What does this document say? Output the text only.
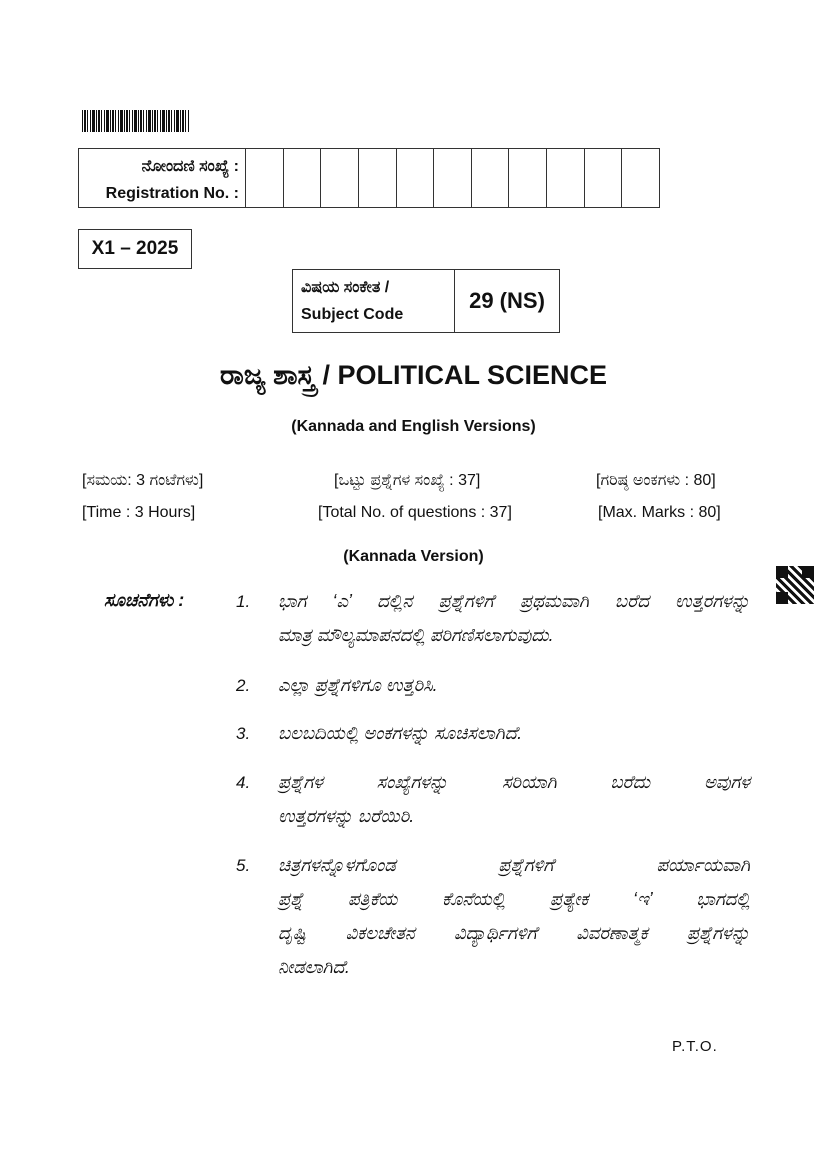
ನೋಂದಣಿ ಸಂಖ್ಯೆ :
Registration No. :
X1 – 2025
ವಿಷಯ ಸಂಕೇತ /
Subject Code
29 (NS)
ರಾಜ್ಯ ಶಾಸ್ತ್ರ / POLITICAL SCIENCE
(Kannada and English Versions)
[ಸಮಯ: 3 ಗಂಟೆಗಳು]	[ಒಟ್ಟು ಪ್ರಶ್ನೆಗಳ ಸಂಖ್ಯೆ : 37]	[ಗರಿಷ್ಠ ಅಂಕಗಳು : 80]
[Time : 3 Hours]	[Total No. of questions : 37]	[Max. Marks : 80]
(Kannada Version)
ಸೂಚನೆಗಳು :	1. ಭಾಗ ‘ಎ’ ದಲ್ಲಿನ ಪ್ರಶ್ನೆಗಳಿಗೆ ಪ್ರಥಮವಾಗಿ ಬರೆದ ಉತ್ತರಗಳನ್ನು
ಮಾತ್ರ ಮೌಲ್ಯಮಾಪನದಲ್ಲಿ ಪರಿಗಣಿಸಲಾಗುವುದು.
2. ಎಲ್ಲಾ ಪ್ರಶ್ನೆಗಳಿಗೂ ಉತ್ತರಿಸಿ.
3. ಬಲಬದಿಯಲ್ಲಿ ಅಂಕಗಳನ್ನು ಸೂಚಿಸಲಾಗಿದೆ.
4. ಪ್ರಶ್ನೆಗಳ ಸಂಖ್ಯೆಗಳನ್ನು ಸರಿಯಾಗಿ ಬರೆದು ಅವುಗಳ
ಉತ್ತರಗಳನ್ನು ಬರೆಯಿರಿ.
5. ಚಿತ್ರಗಳನ್ನೊಳಗೊಂಡ ಪ್ರಶ್ನೆಗಳಿಗೆ ಪರ್ಯಾಯವಾಗಿ
ಪ್ರಶ್ನೆ ಪತ್ರಿಕೆಯ ಕೊನೆಯಲ್ಲಿ ಪ್ರತ್ಯೇಕ ‘ಇ’ ಭಾಗದಲ್ಲಿ
ದೃಷ್ಟಿ ವಿಕಲಚೇತನ ವಿದ್ಯಾರ್ಥಿಗಳಿಗೆ ವಿವರಣಾತ್ಮಕ ಪ್ರಶ್ನೆಗಳನ್ನು
ನೀಡಲಾಗಿದೆ.
P.T.O.
